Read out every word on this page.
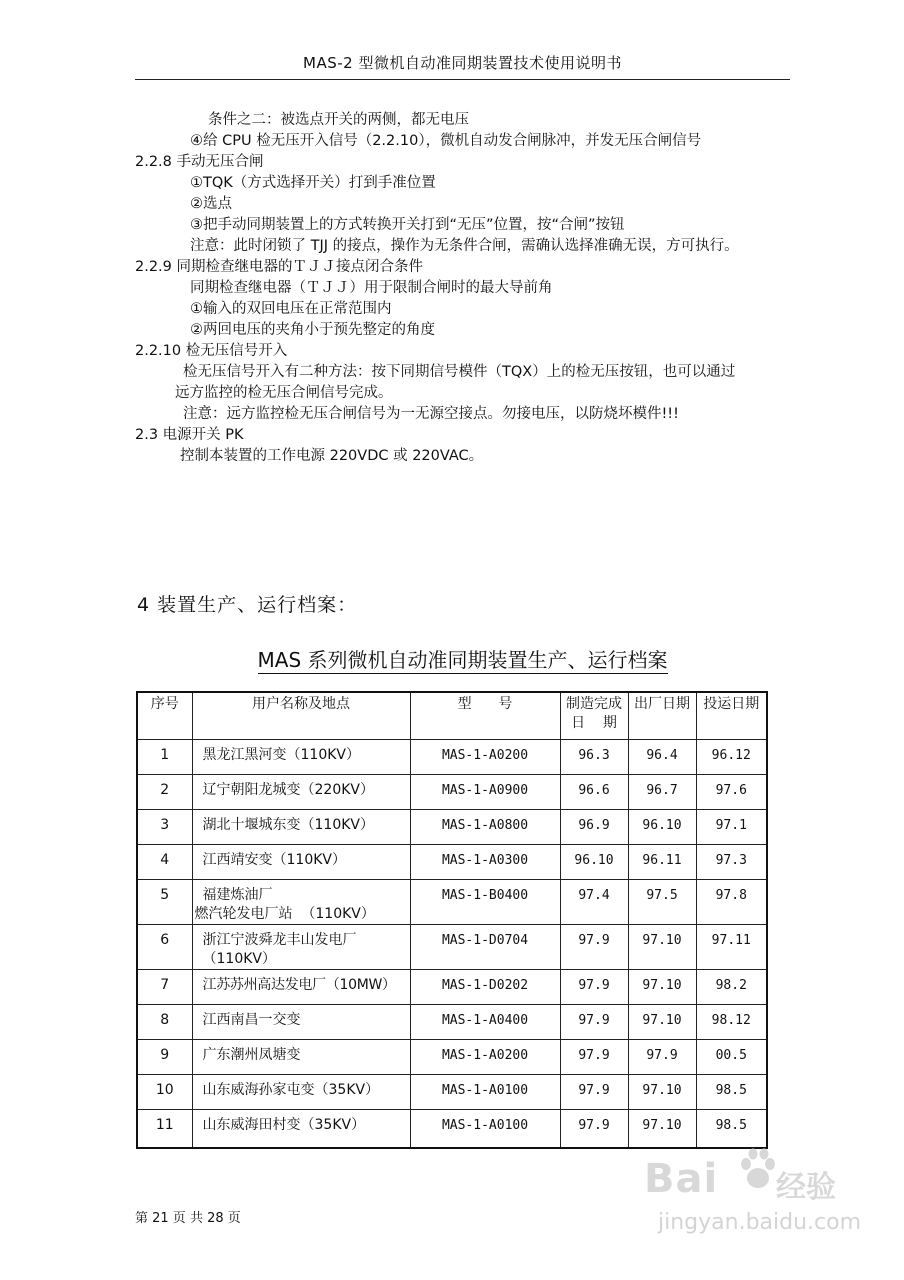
MAS-2 型微机自动准同期装置技术使用说明书
条件之二：被选点开关的两侧，都无电压
④给 CPU 检无压开入信号（2.2.10），微机自动发合闸脉冲，并发无压合闸信号
2.2.8 手动无压合闸
①TQK（方式选择开关）打到手准位置
②选点
③把手动同期装置上的方式转换开关打到“无压”位置，按“合闸”按钮
注意：此时闭锁了 TJJ 的接点，操作为无条件合闸，需确认选择准确无误，方可执行。
2.2.9 同期检查继电器的ＴＪＪ接点闭合条件
同期检查继电器（ＴＪＪ）用于限制合闸时的最大导前角
①输入的双回电压在正常范围内
②两回电压的夹角小于预先整定的角度
2.2.10 检无压信号开入
检无压信号开入有二种方法：按下同期信号模件（TQX）上的检无压按钮，也可以通过
远方监控的检无压合闸信号完成。
注意：远方监控检无压合闸信号为一无源空接点。勿接电压，以防烧坏模件!!!
2.3 电源开关 PK
控制本装置的工作电源 220VDC 或 220VAC。
4 装置生产、运行档案：
MAS 系列微机自动准同期装置生产、运行档案
序号	用户名称及地点	型      号	制造完成
日    期	出厂日期	投运日期
1	黑龙江黑河变（110KV）	MAS-1-A0200	96.3	96.4	96.12
2	辽宁朝阳龙城变（220KV）	MAS-1-A0900	96.6	96.7	97.6
3	湖北十堰城东变（110KV）	MAS-1-A0800	96.9	96.10	97.1
4	江西靖安变（110KV）	MAS-1-A0300	96.10	96.11	97.3
5	福建炼油厂
燃汽轮发电厂站  （110KV）	MAS-1-B0400	97.4	97.5	97.8
6	浙江宁波舜龙丰山发电厂
（110KV）	MAS-1-D0704	97.9	97.10	97.11
7	江苏苏州高达发电厂（10MW）	MAS-1-D0202	97.9	97.10	98.2
8	江西南昌一交变	MAS-1-A0400	97.9	97.10	98.12
9	广东潮州凤塘变	MAS-1-A0200	97.9	97.9	00.5
10	山东威海孙家屯变（35KV）	MAS-1-A0100	97.9	97.10	98.5
11	山东威海田村变（35KV）	MAS-1-A0100	97.9	97.10	98.5
第 21 页 共 28 页
Bai 经验
jingyan.baidu.com
